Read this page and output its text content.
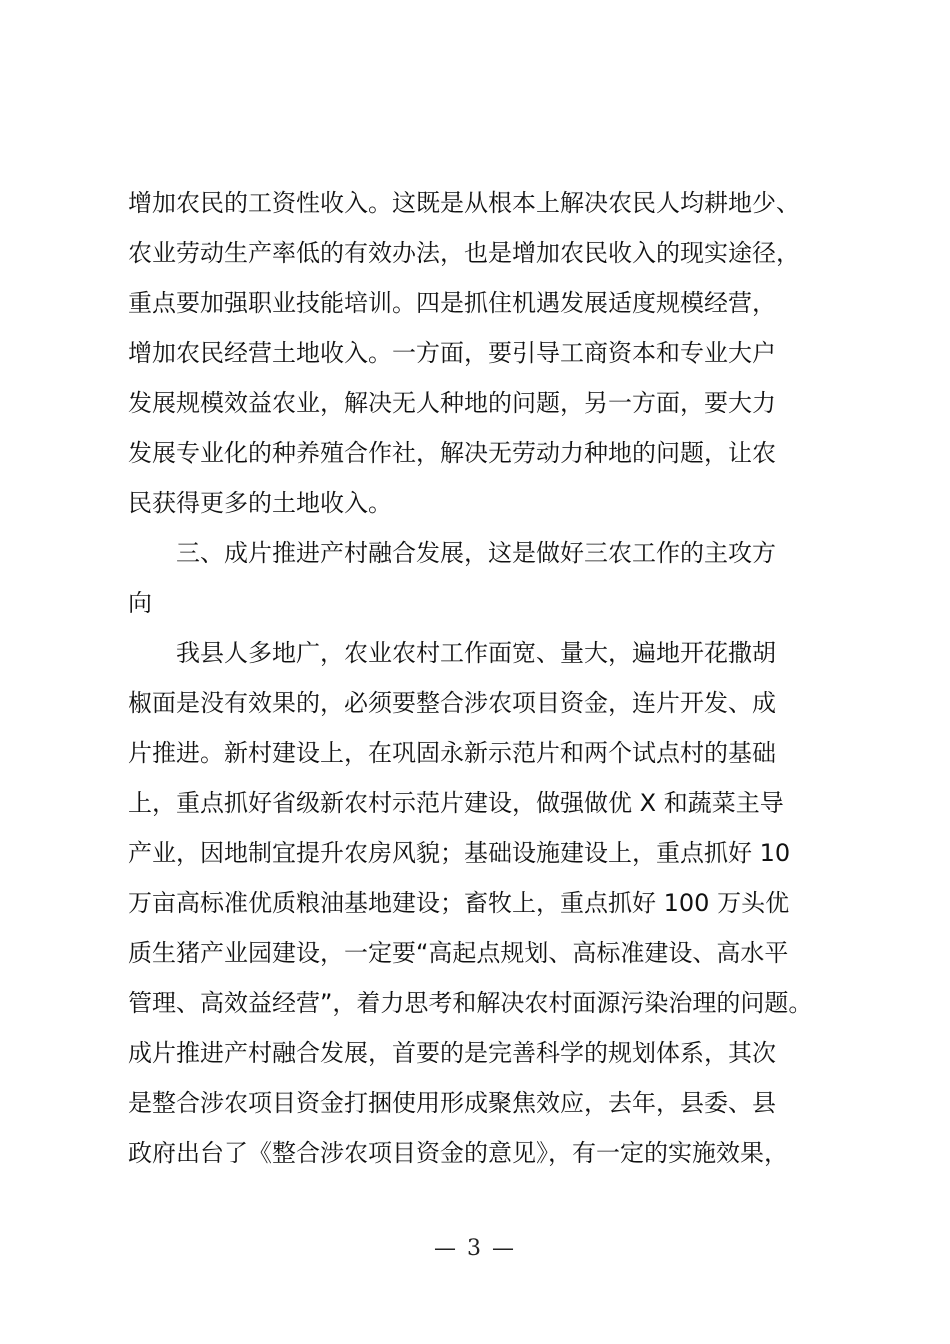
增加农民的工资性收入。这既是从根本上解决农民人均耕地少、
农业劳动生产率低的有效办法，也是增加农民收入的现实途径，
重点要加强职业技能培训。四是抓住机遇发展适度规模经营，
增加农民经营土地收入。一方面，要引导工商资本和专业大户
发展规模效益农业，解决无人种地的问题，另一方面，要大力
发展专业化的种养殖合作社，解决无劳动力种地的问题，让农
民获得更多的土地收入。
三、成片推进产村融合发展，这是做好三农工作的主攻方
向
我县人多地广，农业农村工作面宽、量大，遍地开花撒胡
椒面是没有效果的，必须要整合涉农项目资金，连片开发、成
片推进。新村建设上，在巩固永新示范片和两个试点村的基础
上，重点抓好省级新农村示范片建设，做强做优 X 和蔬菜主导
产业，因地制宜提升农房风貌；基础设施建设上，重点抓好 10
万亩高标准优质粮油基地建设；畜牧上，重点抓好 100 万头优
质生猪产业园建设，一定要“高起点规划、高标准建设、高水平
管理、高效益经营”，着力思考和解决农村面源污染治理的问题。
成片推进产村融合发展，首要的是完善科学的规划体系，其次
是整合涉农项目资金打捆使用形成聚焦效应，去年，县委、县
政府出台了《整合涉农项目资金的意见》，有一定的实施效果，
— 3 —
